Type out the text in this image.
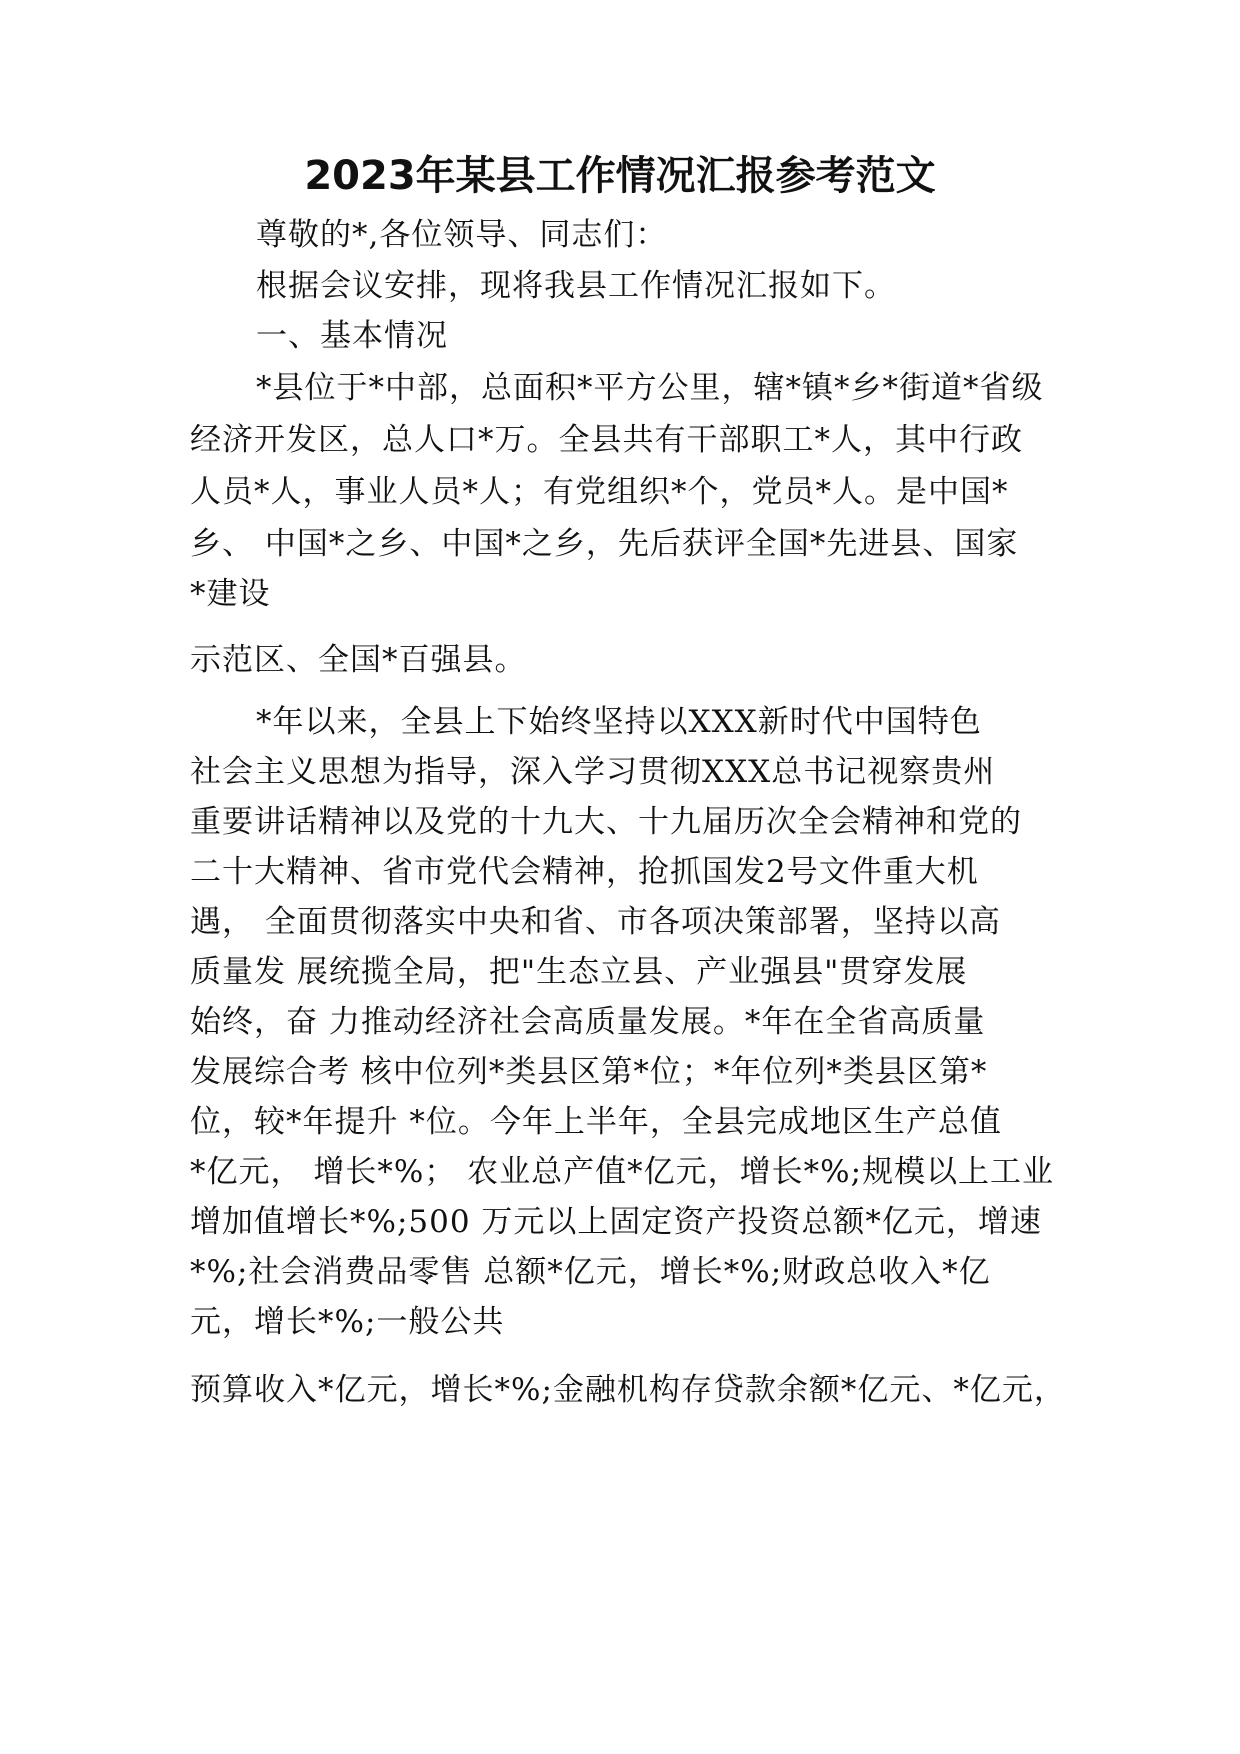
2023年某县工作情况汇报参考范文
尊敬的*,各位领导、同志们：
根据会议安排，现将我县工作情况汇报如下。
一、基本情况
*县位于*中部，总面积*平方公里，辖*镇*乡*街道*省级
经济开发区，总人口*万。全县共有干部职工*人，其中行政
人员*人，事业人员*人；有党组织*个，党员*人。是中国*
乡、 中国*之乡、中国*之乡，先后获评全国*先进县、国家
*建设
示范区、全国*百强县。
*年以来，全县上下始终坚持以XXX新时代中国特色
社会主义思想为指导，深入学习贯彻XXX总书记视察贵州
重要讲话精神以及党的十九大、十九届历次全会精神和党的
二十大精神、省市党代会精神，抢抓国发2号文件重大机
遇， 全面贯彻落实中央和省、市各项决策部署，坚持以高
质量发 展统揽全局，把"生态立县、产业强县"贯穿发展
始终，奋 力推动经济社会高质量发展。*年在全省高质量
发展综合考 核中位列*类县区第*位；*年位列*类县区第*
位，较*年提升 *位。今年上半年，全县完成地区生产总值
*亿元， 增长*%； 农业总产值*亿元，增长*%;规模以上工业
增加值增长*%;500 万元以上固定资产投资总额*亿元，增速
*%;社会消费品零售 总额*亿元，增长*%;财政总收入*亿
元，增长*%;一般公共
预算收入*亿元，增长*%;金融机构存贷款余额*亿元、*亿元，
